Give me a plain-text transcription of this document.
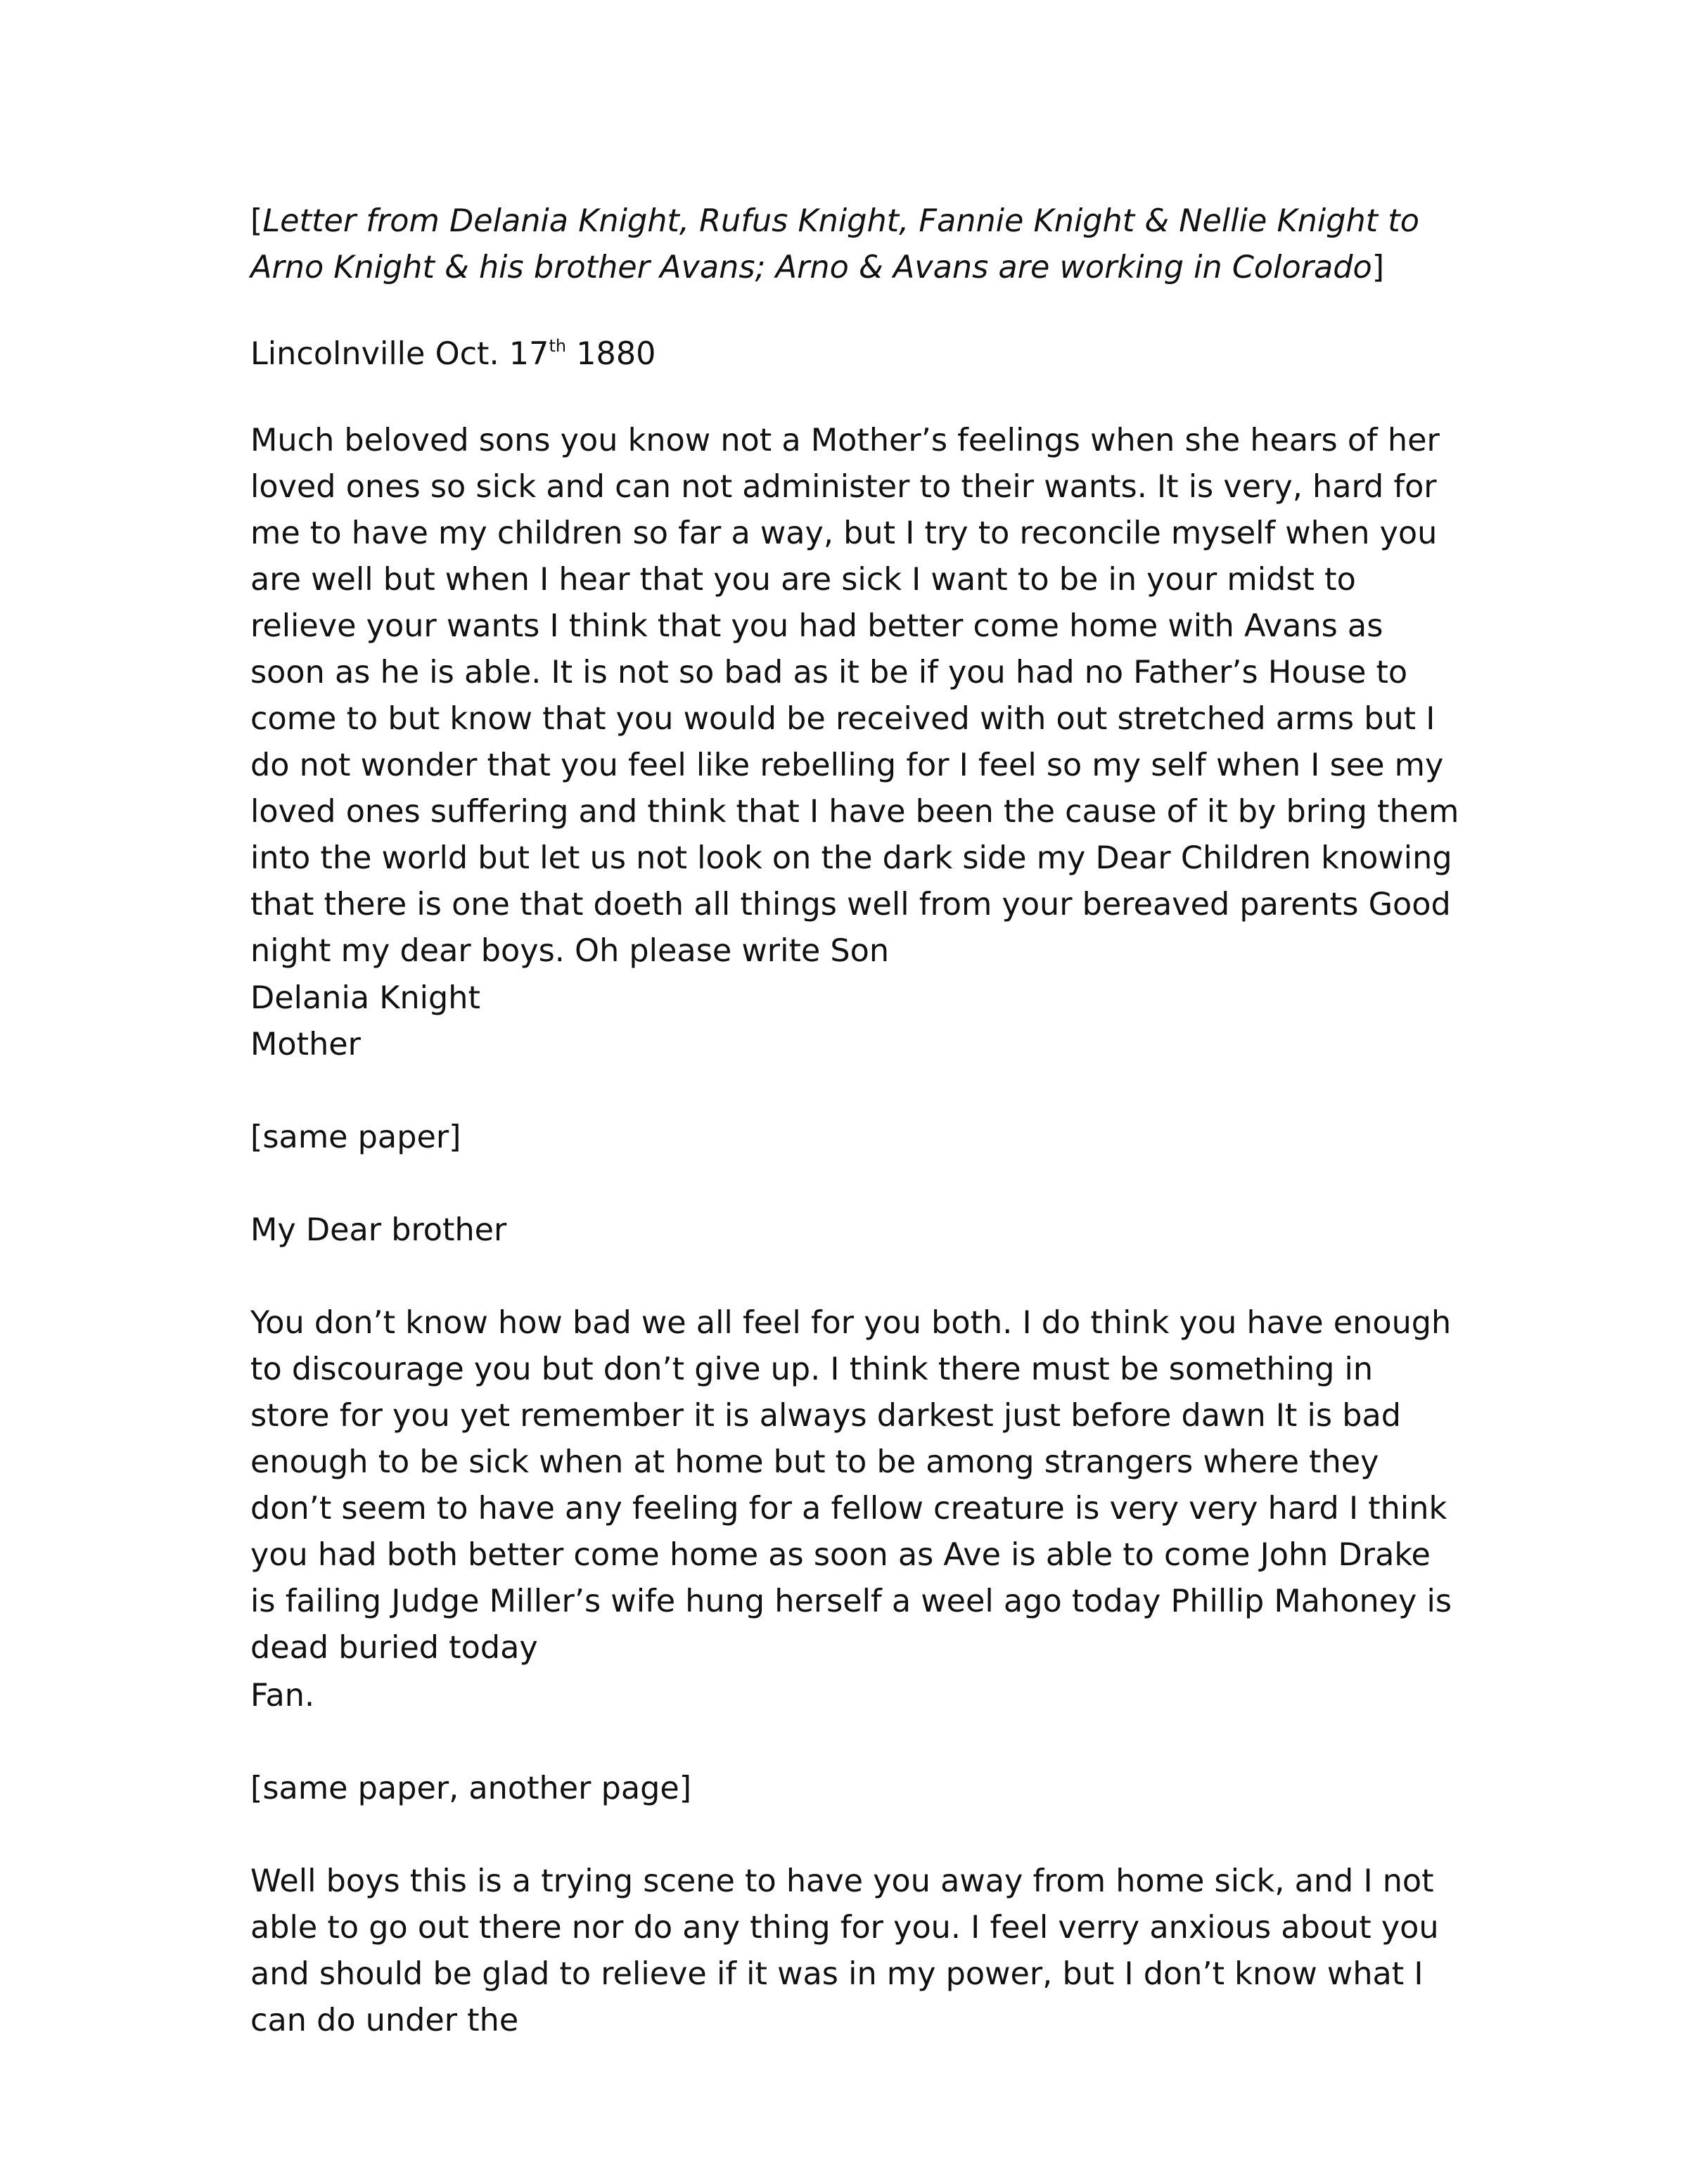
[Letter from Delania Knight, Rufus Knight, Fannie Knight & Nellie Knight to Arno Knight & his brother Avans; Arno & Avans are working in Colorado]

Lincolnville Oct. 17th 1880

Much beloved sons you know not a Mother’s feelings when she hears of her loved ones so sick and can not administer to their wants. It is very, hard for me to have my children so far a way, but I try to reconcile myself when you are well but when I hear that you are sick I want to be in your midst to relieve your wants I think that you had better come home with Avans as soon as he is able. It is not so bad as it be if you had no Father’s House to come to but know that you would be received with out stretched arms but I do not wonder that you feel like rebelling for I feel so my self when I see my loved ones suffering and think that I have been the cause of it by bring them into the world but let us not look on the dark side my Dear Children knowing that there is one that doeth all things well from your bereaved parents Good night my dear boys. Oh please write Son

Delania Knight

Mother

[same paper]

My Dear brother

You don’t know how bad we all feel for you both. I do think you have enough to discourage you but don’t give up. I think there must be something in store for you yet remember it is always darkest just before dawn It is bad enough to be sick when at home but to be among strangers where they don’t seem to have any feeling for a fellow creature is very very hard I think you had both better come home as soon as Ave is able to come John Drake is failing Judge Miller’s wife hung herself a weel ago today Phillip Mahoney is dead buried today

Fan.

[same paper, another page]

Well boys this is a trying scene to have you away from home sick, and I not able to go out there nor do any thing for you. I feel verry anxious about you and should be glad to relieve if it was in my power, but I don’t know what I can do under the
